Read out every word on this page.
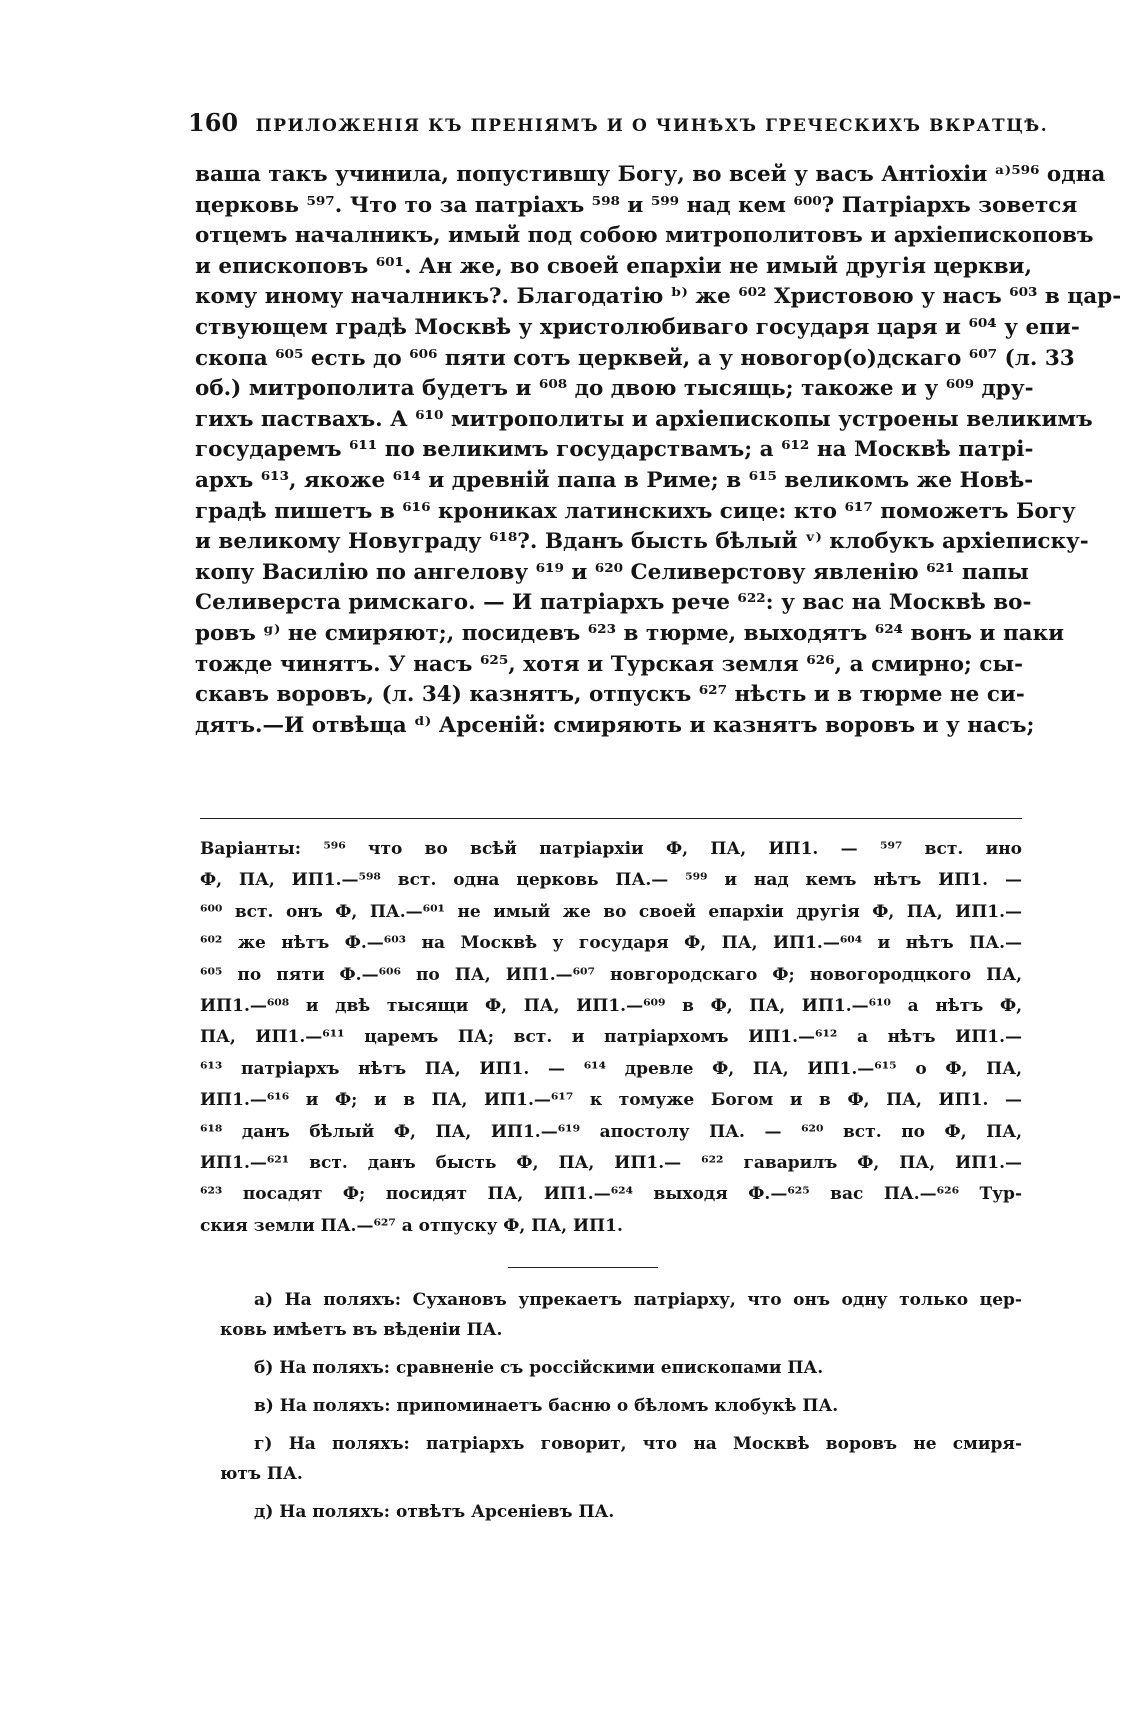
160 ПРИЛОЖЕНІЯ КЪ ПРЕНІЯМЪ И О ЧИНѢХЪ ГРЕЧЕСКИХЪ ВКРАТЦѢ.
ваша такъ учинила, попустившу Богу, во всей у васъ Антіохіи ᵃ⁾⁵⁹⁶ одна
церковь ⁵⁹⁷. Что то за патріахъ ⁵⁹⁸ и ⁵⁹⁹ над кем ⁶⁰⁰? Патріархъ зовется
отцемъ началникъ, имый под собою митрополитовъ и архіепископовъ
и епископовъ ⁶⁰¹. Ан же, во своей епархіи не имый другія церкви,
кому иному началникъ?. Благодатію ᵇ⁾ же ⁶⁰² Христовою у насъ ⁶⁰³ в цар-
ствующем градѣ Москвѣ у христолюбиваго государя царя и ⁶⁰⁴ у епи-
скопа ⁶⁰⁵ есть до ⁶⁰⁶ пяти сотъ церквей, а у новогор(о)дскаго ⁶⁰⁷ (л. 33
об.) митрополита будетъ и ⁶⁰⁸ до двою тысящь; такоже и у ⁶⁰⁹ дру-
гихъ паствахъ. А ⁶¹⁰ митрополиты и архіепископы устроены великимъ
государемъ ⁶¹¹ по великимъ государствамъ; а ⁶¹² на Москвѣ патрі-
архъ ⁶¹³, якоже ⁶¹⁴ и древній папа в Риме; в ⁶¹⁵ великомъ же Новѣ-
градѣ пишетъ в ⁶¹⁶ крониках латинскихъ сице: кто ⁶¹⁷ поможетъ Богу
и великому Новуграду ⁶¹⁸?. Вданъ бысть бѣлый ᵛ⁾ клобукъ архіеписку-
копу Василію по ангелову ⁶¹⁹ и ⁶²⁰ Селиверстову явленію ⁶²¹ папы
Селиверста римскаго. — И патріархъ рече ⁶²²: у вас на Москвѣ во-
ровъ ᵍ⁾ не смиряют;, посидевъ ⁶²³ в тюрме, выходятъ ⁶²⁴ вонъ и паки
тожде чинятъ. У насъ ⁶²⁵, хотя и Турская земля ⁶²⁶, а смирно; сы-
скавъ воровъ, (л. 34) казнятъ, отпускъ ⁶²⁷ нѣсть и в тюрме не си-
дятъ.—И отвѣща ᵈ⁾ Арсеній: смиряють и казнятъ воровъ и у насъ;
Варіанты: ⁵⁹⁶ что во всѣй патріархіи Ф, ПА, ИП1. — ⁵⁹⁷ вст. ино
Ф, ПА, ИП1.—⁵⁹⁸ вст. одна церковь ПА.— ⁵⁹⁹ и над кемъ нѣтъ ИП1. —
⁶⁰⁰ вст. онъ Ф, ПА.—⁶⁰¹ не имый же во своей епархіи другія Ф, ПА, ИП1.—
⁶⁰² же нѣтъ Ф.—⁶⁰³ на Москвѣ у государя Ф, ПА, ИП1.—⁶⁰⁴ и нѣтъ ПА.—
⁶⁰⁵ по пяти Ф.—⁶⁰⁶ по ПА, ИП1.—⁶⁰⁷ новгородскаго Ф; новогородцкого ПА,
ИП1.—⁶⁰⁸ и двѣ тысящи Ф, ПА, ИП1.—⁶⁰⁹ в Ф, ПА, ИП1.—⁶¹⁰ а нѣтъ Ф,
ПА, ИП1.—⁶¹¹ царемъ ПА; вст. и патріархомъ ИП1.—⁶¹² а нѣтъ ИП1.—
⁶¹³ патріархъ нѣтъ ПА, ИП1. — ⁶¹⁴ древле Ф, ПА, ИП1.—⁶¹⁵ о Ф, ПА,
ИП1.—⁶¹⁶ и Ф; и в ПА, ИП1.—⁶¹⁷ к томуже Богом и в Ф, ПА, ИП1. —
⁶¹⁸ данъ бѣлый Ф, ПА, ИП1.—⁶¹⁹ апостолу ПА. — ⁶²⁰ вст. по Ф, ПА,
ИП1.—⁶²¹ вст. данъ бысть Ф, ПА, ИП1.— ⁶²² гаварилъ Ф, ПА, ИП1.—
⁶²³ посадят Ф; посидят ПА, ИП1.—⁶²⁴ выходя Ф.—⁶²⁵ вас ПА.—⁶²⁶ Тур-
ския земли ПА.—⁶²⁷ а отпуску Ф, ПА, ИП1.
а) На поляхъ: Сухановъ упрекаетъ патріарху, что онъ одну только цер-
ковь имѣетъ въ вѣденіи ПА.
б) На поляхъ: сравненіе съ россійскими епископами ПА.
в) На поляхъ: припоминаетъ басню о бѣломъ клобукѣ ПА.
г) На поляхъ: патріархъ говорит, что на Москвѣ воровъ не смиря-
ютъ ПА.
д) На поляхъ: отвѣтъ Арсеніевъ ПА.
